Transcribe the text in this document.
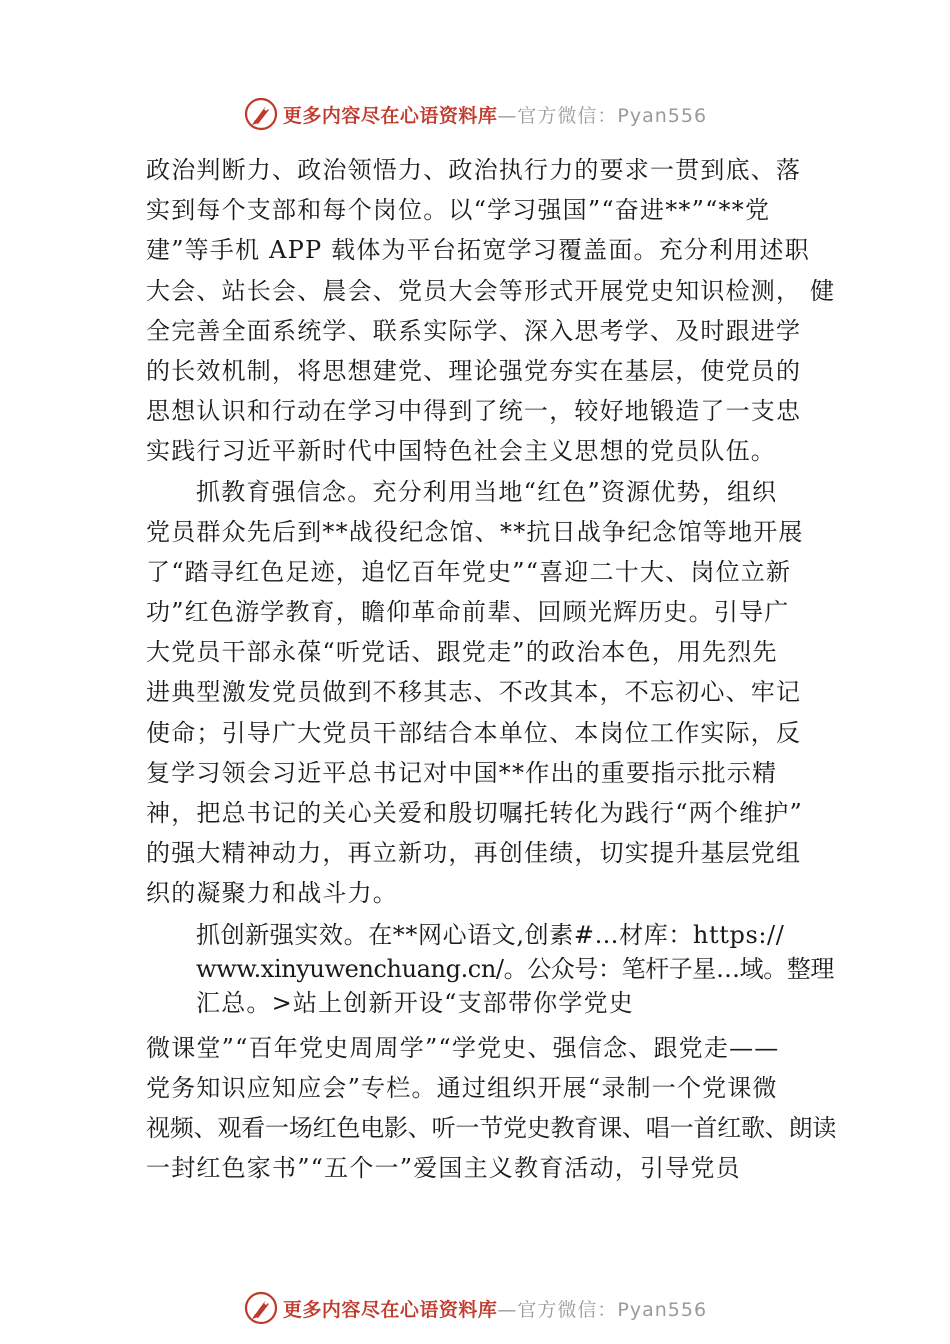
更多内容尽在心语资料库 —官方微信：Pyan556
政治判断力、政治领悟力、政治执行力的要求一贯到底、落
实到每个支部和每个岗位。以“学习强国”“奋进**”“**党
建”等手机 APP 载体为平台拓宽学习覆盖面。充分利用述职
大会、站长会、晨会、党员大会等形式开展党史知识检测， 健
全完善全面系统学、联系实际学、深入思考学、及时跟进学
的长效机制，将思想建党、理论强党夯实在基层，使党员的
思想认识和行动在学习中得到了统一，较好地锻造了一支忠
实践行习近平新时代中国特色社会主义思想的党员队伍。
抓教育强信念。充分利用当地“红色”资源优势，组织
党员群众先后到**战役纪念馆、**抗日战争纪念馆等地开展
了“踏寻红色足迹，追忆百年党史”“喜迎二十大、岗位立新
功”红色游学教育，瞻仰革命前辈、回顾光辉历史。引导广
大党员干部永葆“听党话、跟党走”的政治本色，用先烈先
进典型激发党员做到不移其志、不改其本，不忘初心、牢记
使命；引导广大党员干部结合本单位、本岗位工作实际，反
复学习领会习近平总书记对中国**作出的重要指示批示精
神，把总书记的关心关爱和殷切嘱托转化为践行“两个维护”
的强大精神动力，再立新功，再创佳绩，切实提升基层党组
织的凝聚力和战斗力。
抓创新强实效。在**网心语文,创素#…材库：https://
www.xinyuwenchuang.cn/。公众号：笔杆子星…域。整理
汇总。>站上创新开设“支部带你学党史
微课堂”“百年党史周周学”“学党史、强信念、跟党走——
党务知识应知应会”专栏。通过组织开展“录制一个党课微
视频、观看一场红色电影、听一节党史教育课、唱一首红歌、朗读
一封红色家书”“五个一”爱国主义教育活动，引导党员
更多内容尽在心语资料库 —官方微信：Pyan556
